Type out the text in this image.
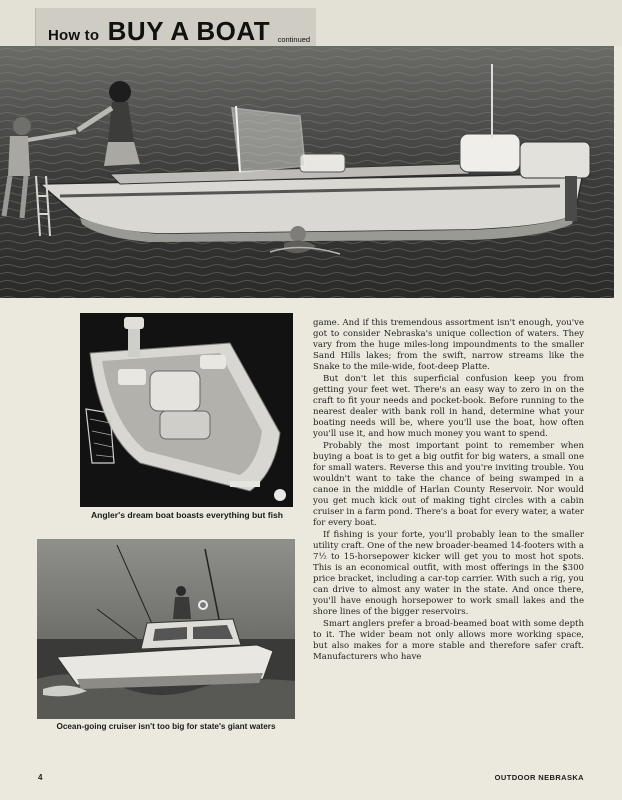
How to BUY A BOAT continued
Angler's dream boat boasts everything but fish
Ocean-going cruiser isn't too big for state's giant waters

game. And if this tremendous assortment isn't enough, you've got to consider Nebraska's unique collection of waters. They vary from the huge miles-long impoundments to the smaller Sand Hills lakes; from the swift, narrow streams like the Snake to the mile-wide, foot-deep Platte.

But don't let this superficial confusion keep you from getting your feet wet. There's an easy way to zero in on the craft to fit your needs and pocket-book. Before running to the nearest dealer with bank roll in hand, determine what your boating needs will be, where you'll use the boat, how often you'll use it, and how much money you want to spend.

Probably the most important point to remember when buying a boat is to get a big outfit for big waters, a small one for small waters. Reverse this and you're inviting trouble. You wouldn't want to take the chance of being swamped in a canoe in the middle of Harlan County Reservoir. Nor would you get much kick out of making tight circles with a cabin cruiser in a farm pond. There's a boat for every water, a water for every boat.

If fishing is your forte, you'll probably lean to the smaller utility craft. One of the new broader-beamed 14-footers with a 7½ to 15-horsepower kicker will get you to most hot spots. This is an economical outfit, with most offerings in the $300 price bracket, including a car-top carrier. With such a rig, you can drive to almost any water in the state. And once there, you'll have enough horsepower to work small lakes and the shore lines of the bigger reservoirs.

Smart anglers prefer a broad-beamed boat with some depth to it. The wider beam not only allows more working space, but also makes for a more stable and therefore safer craft. Manufacturers who have

4	OUTDOOR NEBRASKA
